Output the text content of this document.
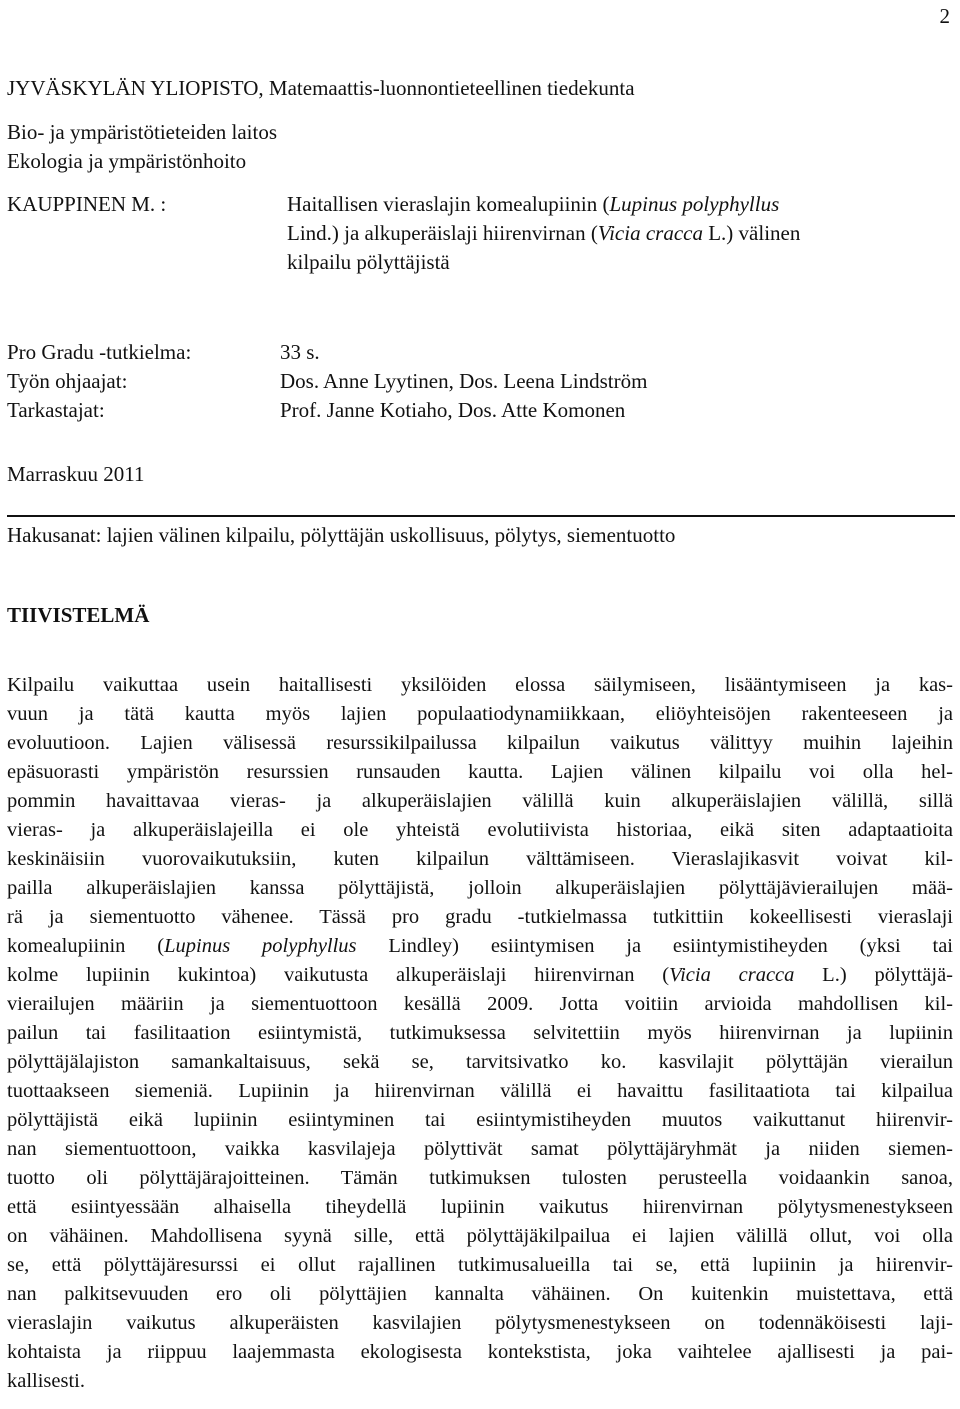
2
JYVÄSKYLÄN YLIOPISTO, Matemaattis-luonnontieteellinen tiedekunta
Bio- ja ympäristötieteiden laitos
Ekologia ja ympäristönhoito
KAUPPINEN M. :	Haitallisen vieraslajin komealupiinin (Lupinus polyphyllus
Lind.) ja alkuperäislaji hiirenvirnan (Vicia cracca L.) välinen
kilpailu pölyttäjistä
Pro Gradu -tutkielma:	33 s.
Työn ohjaajat:	Dos. Anne Lyytinen, Dos. Leena Lindström
Tarkastajat:	Prof. Janne Kotiaho, Dos. Atte Komonen
Marraskuu 2011
Hakusanat: lajien välinen kilpailu, pölyttäjän uskollisuus, pölytys, siementuotto
TIIVISTELMÄ
Kilpailu vaikuttaa usein haitallisesti yksilöiden elossa säilymiseen, lisääntymiseen ja kas-
vuun ja tätä kautta myös lajien populaatiodynamiikkaan, eliöyhteisöjen rakenteeseen ja
evoluutioon. Lajien välisessä resurssikilpailussa kilpailun vaikutus välittyy muihin lajeihin
epäsuorasti ympäristön resurssien runsauden kautta. Lajien välinen kilpailu voi olla hel-
pommin havaittavaa vieras- ja alkuperäislajien välillä kuin alkuperäislajien välillä, sillä
vieras- ja alkuperäislajeilla ei ole yhteistä evolutiivista historiaa, eikä siten adaptaatioita
keskinäisiin vuorovaikutuksiin, kuten kilpailun välttämiseen. Vieraslajikasvit voivat kil-
pailla alkuperäislajien kanssa pölyttäjistä, jolloin alkuperäislajien pölyttäjävierailujen mää-
rä ja siementuotto vähenee. Tässä pro gradu -tutkielmassa tutkittiin kokeellisesti vieraslaji
komealupiinin (Lupinus polyphyllus Lindley) esiintymisen ja esiintymistiheyden (yksi tai
kolme lupiinin kukintoa) vaikutusta alkuperäislaji hiirenvirnan (Vicia cracca L.) pölyttäjä-
vierailujen määriin ja siementuottoon kesällä 2009. Jotta voitiin arvioida mahdollisen kil-
pailun tai fasilitaation esiintymistä, tutkimuksessa selvitettiin myös hiirenvirnan ja lupiinin
pölyttäjälajiston samankaltaisuus, sekä se, tarvitsivatko ko. kasvilajit pölyttäjän vierailun
tuottaakseen siemeniä. Lupiinin ja hiirenvirnan välillä ei havaittu fasilitaatiota tai kilpailua
pölyttäjistä eikä lupiinin esiintyminen tai esiintymistiheyden muutos vaikuttanut hiirenvir-
nan siementuottoon, vaikka kasvilajeja pölyttivät samat pölyttäjäryhmät ja niiden siemen-
tuotto oli pölyttäjärajoitteinen. Tämän tutkimuksen tulosten perusteella voidaankin sanoa,
että esiintyessään alhaisella tiheydellä lupiinin vaikutus hiirenvirnan pölytysmenestykseen
on vähäinen. Mahdollisena syynä sille, että pölyttäjäkilpailua ei lajien välillä ollut, voi olla
se, että pölyttäjäresurssi ei ollut rajallinen tutkimusalueilla tai se, että lupiinin ja hiirenvir-
nan palkitsevuuden ero oli pölyttäjien kannalta vähäinen. On kuitenkin muistettava, että
vieraslajin vaikutus alkuperäisten kasvilajien pölytysmenestykseen on todennäköisesti laji-
kohtaista ja riippuu laajemmasta ekologisesta kontekstista, joka vaihtelee ajallisesti ja pai-
kallisesti.
